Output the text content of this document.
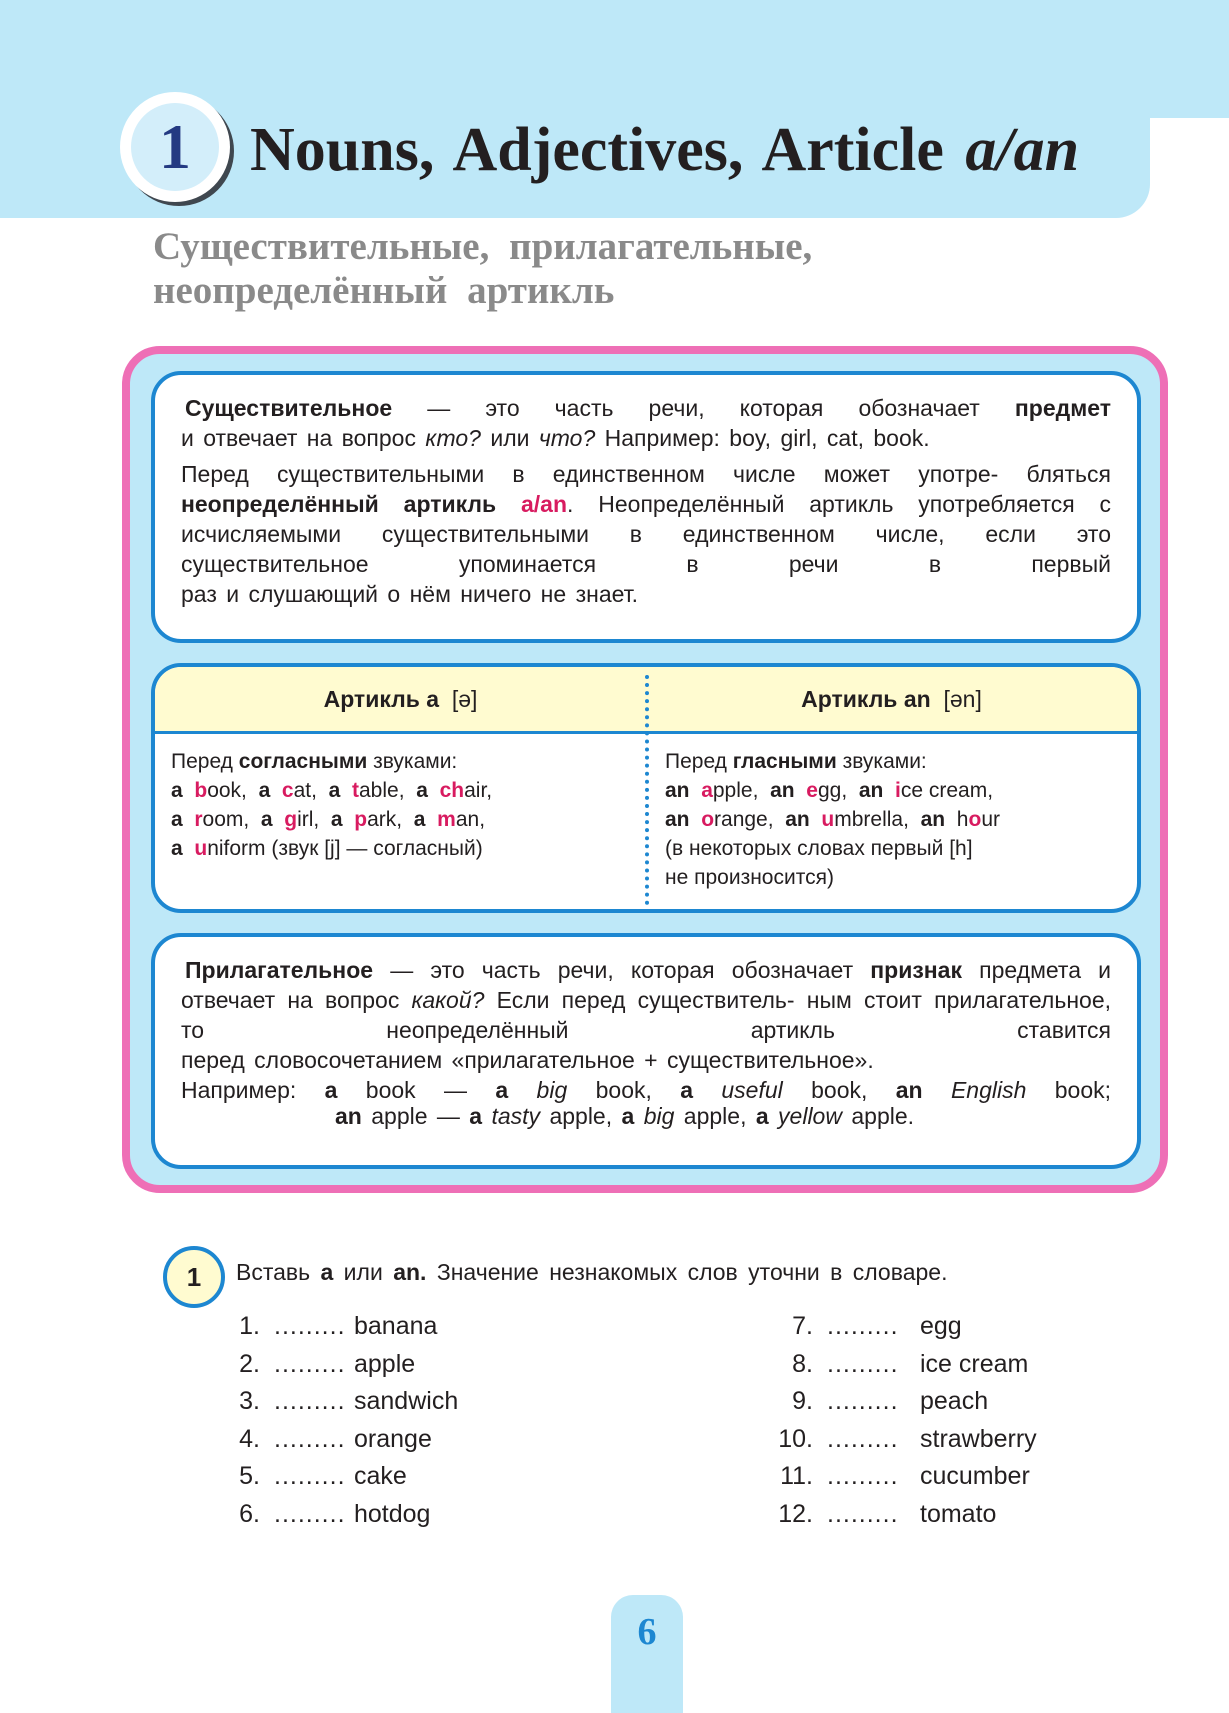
1 Nouns, Adjectives, Article a/an
Существительные, прилагательные,
неопределённый артикль
Существительное — это часть речи, которая обозначает предмет
и отвечает на вопрос кто? или что? Например: boy, girl, cat, book.
Перед существительными в единственном числе может употре- бляться неопределённый артикль a/an. Неопределённый артикль употребляется с исчисляемыми существительными в единственном числе, если это существительное упоминается в речи в первый
раз и слушающий о нём ничего не знает.
Артикль a [ə]	Артикль an [ən]
Перед согласными звуками:
a book,  a cat,  a table,  a chair,
a room,  a girl,  a park,  a man,
a uniform (звук [j] — согласный)
Перед гласными звуками:
an apple,  an egg,  an ice cream,
an orange,  an umbrella,  an  hour
(в некоторых словах первый [h]
не произносится)
Прилагательное — это часть речи, которая обозначает признак предмета и отвечает на вопрос какой? Если перед существитель- ным стоит прилагательное, то неопределённый артикль ставится
перед словосочетанием «прилагательное + существительное».
Например: a book — a big book, a useful book, an English book;
an apple — a tasty apple, a big apple, a yellow apple.
1	Вставь a или an. Значение незнакомых слов уточни в словаре.
1. ......... banana
2. ......... apple
3. ......... sandwich
4. ......... orange
5. ......... cake
6. ......... hotdog
7. ......... egg
8. ......... ice cream
9. ......... peach
10. ......... strawberry
11. ......... cucumber
12. ......... tomato
6
